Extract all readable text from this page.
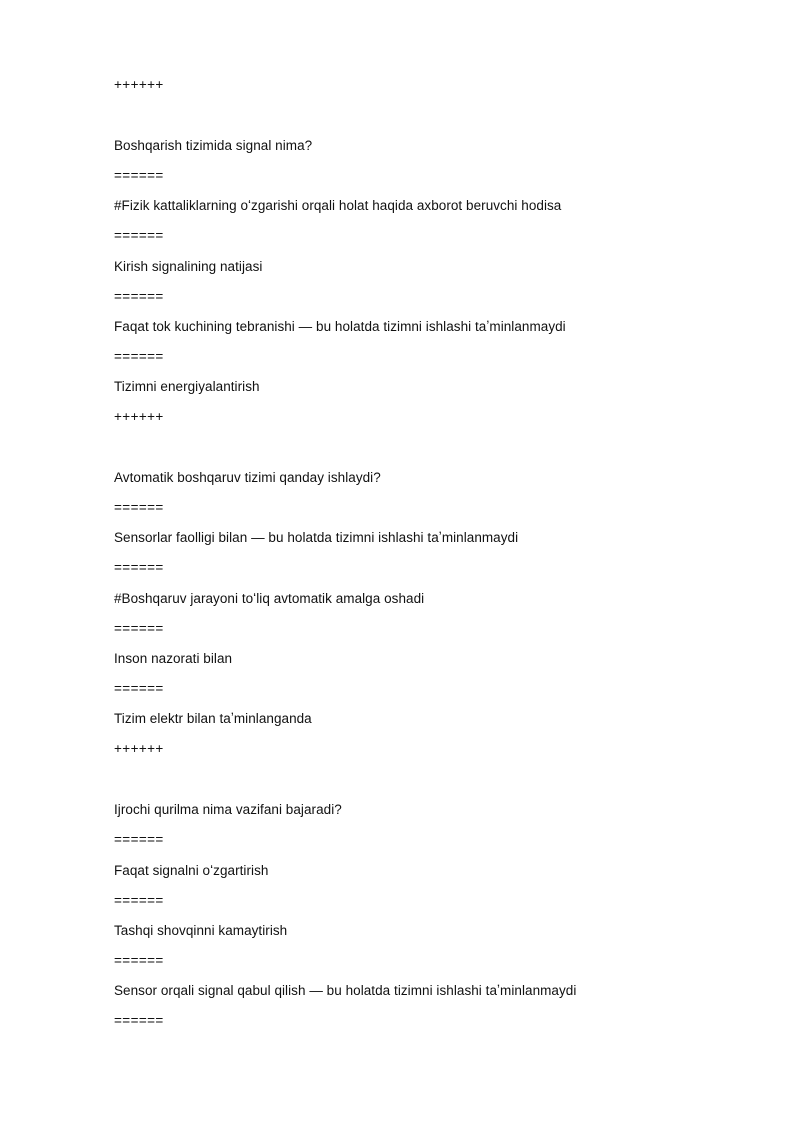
++++++
Boshqarish tizimida signal nima?
======
#Fizik kattaliklarning oʻzgarishi orqali holat haqida axborot beruvchi hodisa
======
Kirish signalining natijasi
======
Faqat tok kuchining tebranishi — bu holatda tizimni ishlashi taʼminlanmaydi
======
Tizimni energiyalantirish
++++++
Avtomatik boshqaruv tizimi qanday ishlaydi?
======
Sensorlar faolligi bilan — bu holatda tizimni ishlashi taʼminlanmaydi
======
#Boshqaruv jarayoni toʻliq avtomatik amalga oshadi
======
Inson nazorati bilan
======
Tizim elektr bilan taʼminlanganda
++++++
Ijrochi qurilma nima vazifani bajaradi?
======
Faqat signalni oʻzgartirish
======
Tashqi shovqinni kamaytirish
======
Sensor orqali signal qabul qilish — bu holatda tizimni ishlashi taʼminlanmaydi
======
